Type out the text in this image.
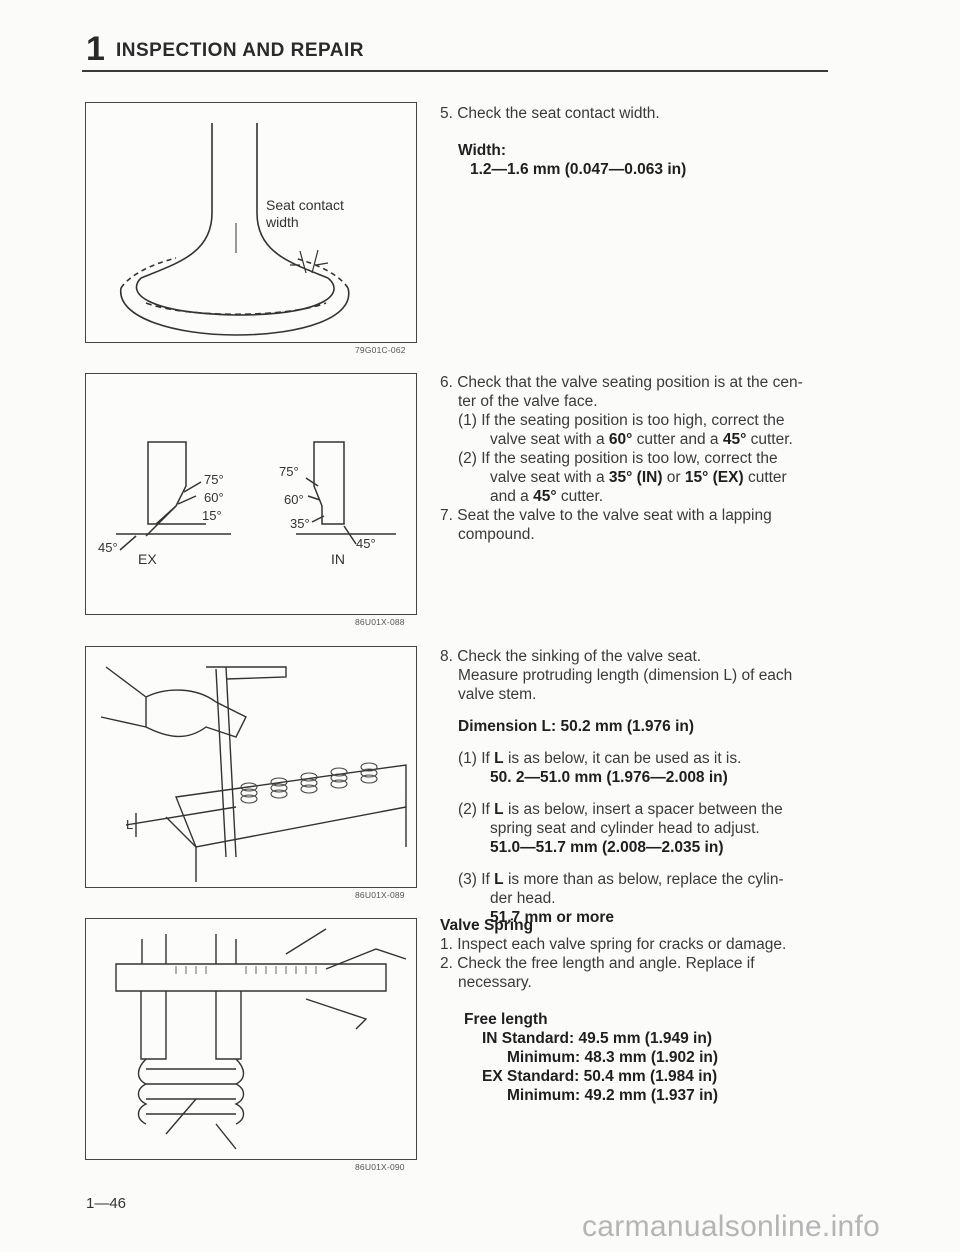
1 INSPECTION AND REPAIR
Seat contact
width
79G01C-062
75°
60°
15°
45°
EX
75°
60°
35°
45°
IN
86U01X-088
L
86U01X-089
86U01X-090
5. Check the seat contact width.
Width:
1.2—1.6 mm (0.047—0.063 in)
6. Check that the valve seating position is at the cen-
ter of the valve face.
(1) If the seating position is too high, correct the
valve seat with a 60° cutter and a 45° cutter.
(2) If the seating position is too low, correct the
valve seat with a 35° (IN) or 15° (EX) cutter
and a 45° cutter.
7. Seat the valve to the valve seat with a lapping
compound.
8. Check the sinking of the valve seat.
Measure protruding length (dimension L) of each
valve stem.
Dimension L: 50.2 mm (1.976 in)
(1) If L is as below, it can be used as it is.
50. 2—51.0 mm (1.976—2.008 in)
(2) If L is as below, insert a spacer between the
spring seat and cylinder head to adjust.
51.0—51.7 mm (2.008—2.035 in)
(3) If L is more than as below, replace the cylin-
der head.
51.7 mm or more
Valve Spring
1. Inspect each valve spring for cracks or damage.
2. Check the free length and angle. Replace if
necessary.
Free length
IN Standard: 49.5 mm (1.949 in)
Minimum: 48.3 mm (1.902 in)
EX Standard: 50.4 mm (1.984 in)
Minimum: 49.2 mm (1.937 in)
1—46
carmanualsonline.info
